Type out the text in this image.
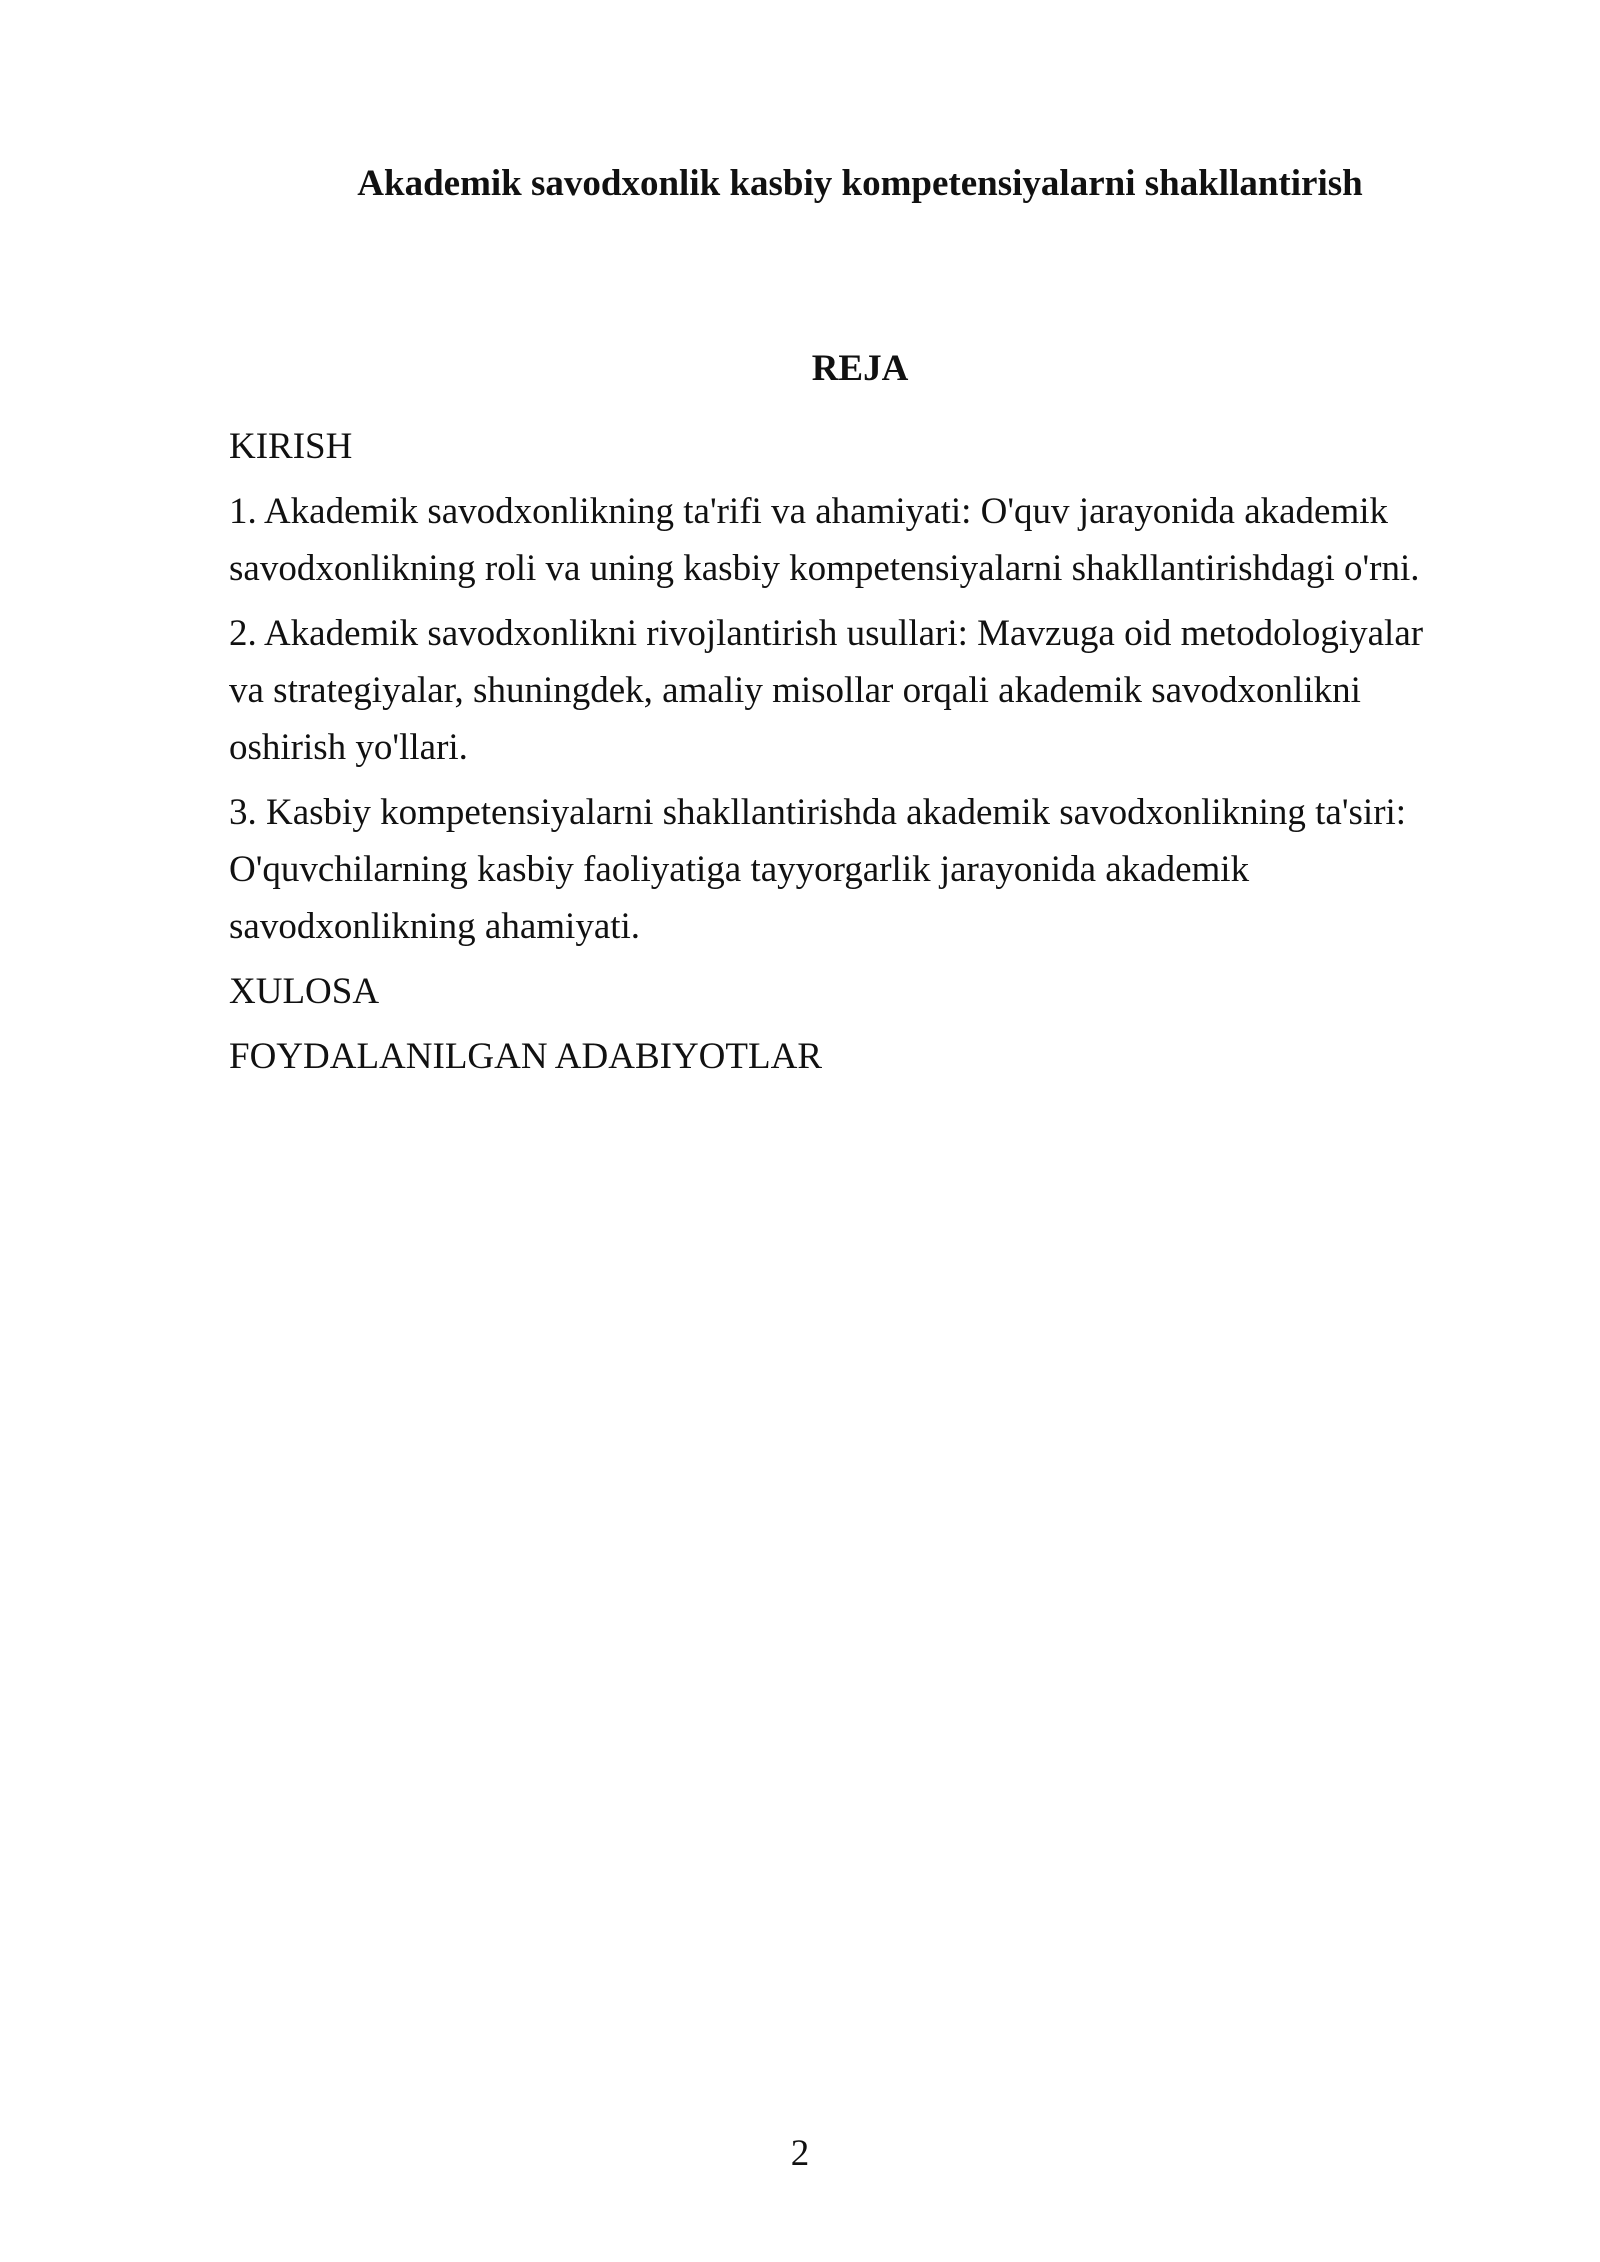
Akademik savodxonlik kasbiy kompetensiyalarni shakllantirish
REJA
KIRISH
1. Akademik savodxonlikning ta'rifi va ahamiyati: O'quv jarayonida akademik
savodxonlikning roli va uning kasbiy kompetensiyalarni shakllantirishdagi o'rni.
2. Akademik savodxonlikni rivojlantirish usullari: Mavzuga oid metodologiyalar
va strategiyalar, shuningdek, amaliy misollar orqali akademik savodxonlikni
oshirish yo'llari.
3. Kasbiy kompetensiyalarni shakllantirishda akademik savodxonlikning ta'siri:
O'quvchilarning kasbiy faoliyatiga tayyorgarlik jarayonida akademik
savodxonlikning ahamiyati.
XULOSA
FOYDALANILGAN ADABIYOTLAR
2
